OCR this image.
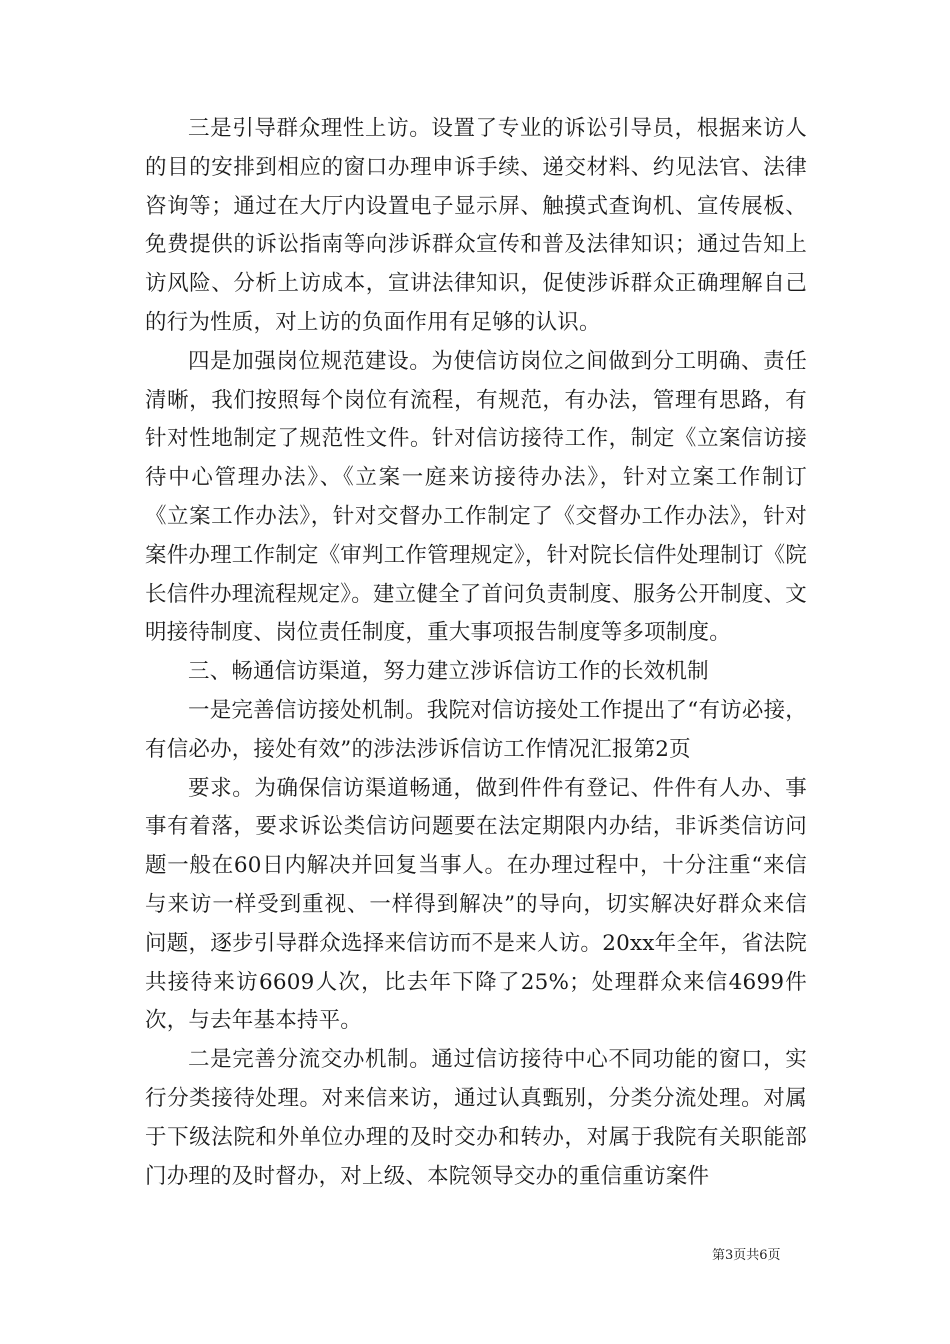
三是引导群众理性上访。设置了专业的诉讼引导员，根据来访人的目的安排到相应的窗口办理申诉手续、递交材料、约见法官、法律咨询等；通过在大厅内设置电子显示屏、触摸式查询机、宣传展板、免费提供的诉讼指南等向涉诉群众宣传和普及法律知识；通过告知上访风险、分析上访成本，宣讲法律知识，促使涉诉群众正确理解自己的行为性质，对上访的负面作用有足够的认识。

四是加强岗位规范建设。为使信访岗位之间做到分工明确、责任清晰，我们按照每个岗位有流程，有规范，有办法，管理有思路，有针对性地制定了规范性文件。针对信访接待工作，制定《立案信访接待中心管理办法》、《立案一庭来访接待办法》，针对立案工作制订《立案工作办法》，针对交督办工作制定了《交督办工作办法》，针对案件办理工作制定《审判工作管理规定》，针对院长信件处理制订《院长信件办理流程规定》。建立健全了首问负责制度、服务公开制度、文明接待制度、岗位责任制度，重大事项报告制度等多项制度。

三、畅通信访渠道，努力建立涉诉信访工作的长效机制

一是完善信访接处机制。我院对信访接处工作提出了“有访必接，有信必办，接处有效”的涉法涉诉信访工作情况汇报第2页

要求。为确保信访渠道畅通，做到件件有登记、件件有人办、事事有着落，要求诉讼类信访问题要在法定期限内办结，非诉类信访问题一般在60日内解决并回复当事人。在办理过程中，十分注重“来信与来访一样受到重视、一样得到解决”的导向，切实解决好群众来信问题，逐步引导群众选择来信访而不是来人访。20xx年全年，省法院共接待来访6609人次，比去年下降了25%；处理群众来信4699件次，与去年基本持平。

二是完善分流交办机制。通过信访接待中心不同功能的窗口，实行分类接待处理。对来信来访，通过认真甄别，分类分流处理。对属于下级法院和外单位办理的及时交办和转办，对属于我院有关职能部门办理的及时督办，对上级、本院领导交办的重信重访案件

第3页共6页
